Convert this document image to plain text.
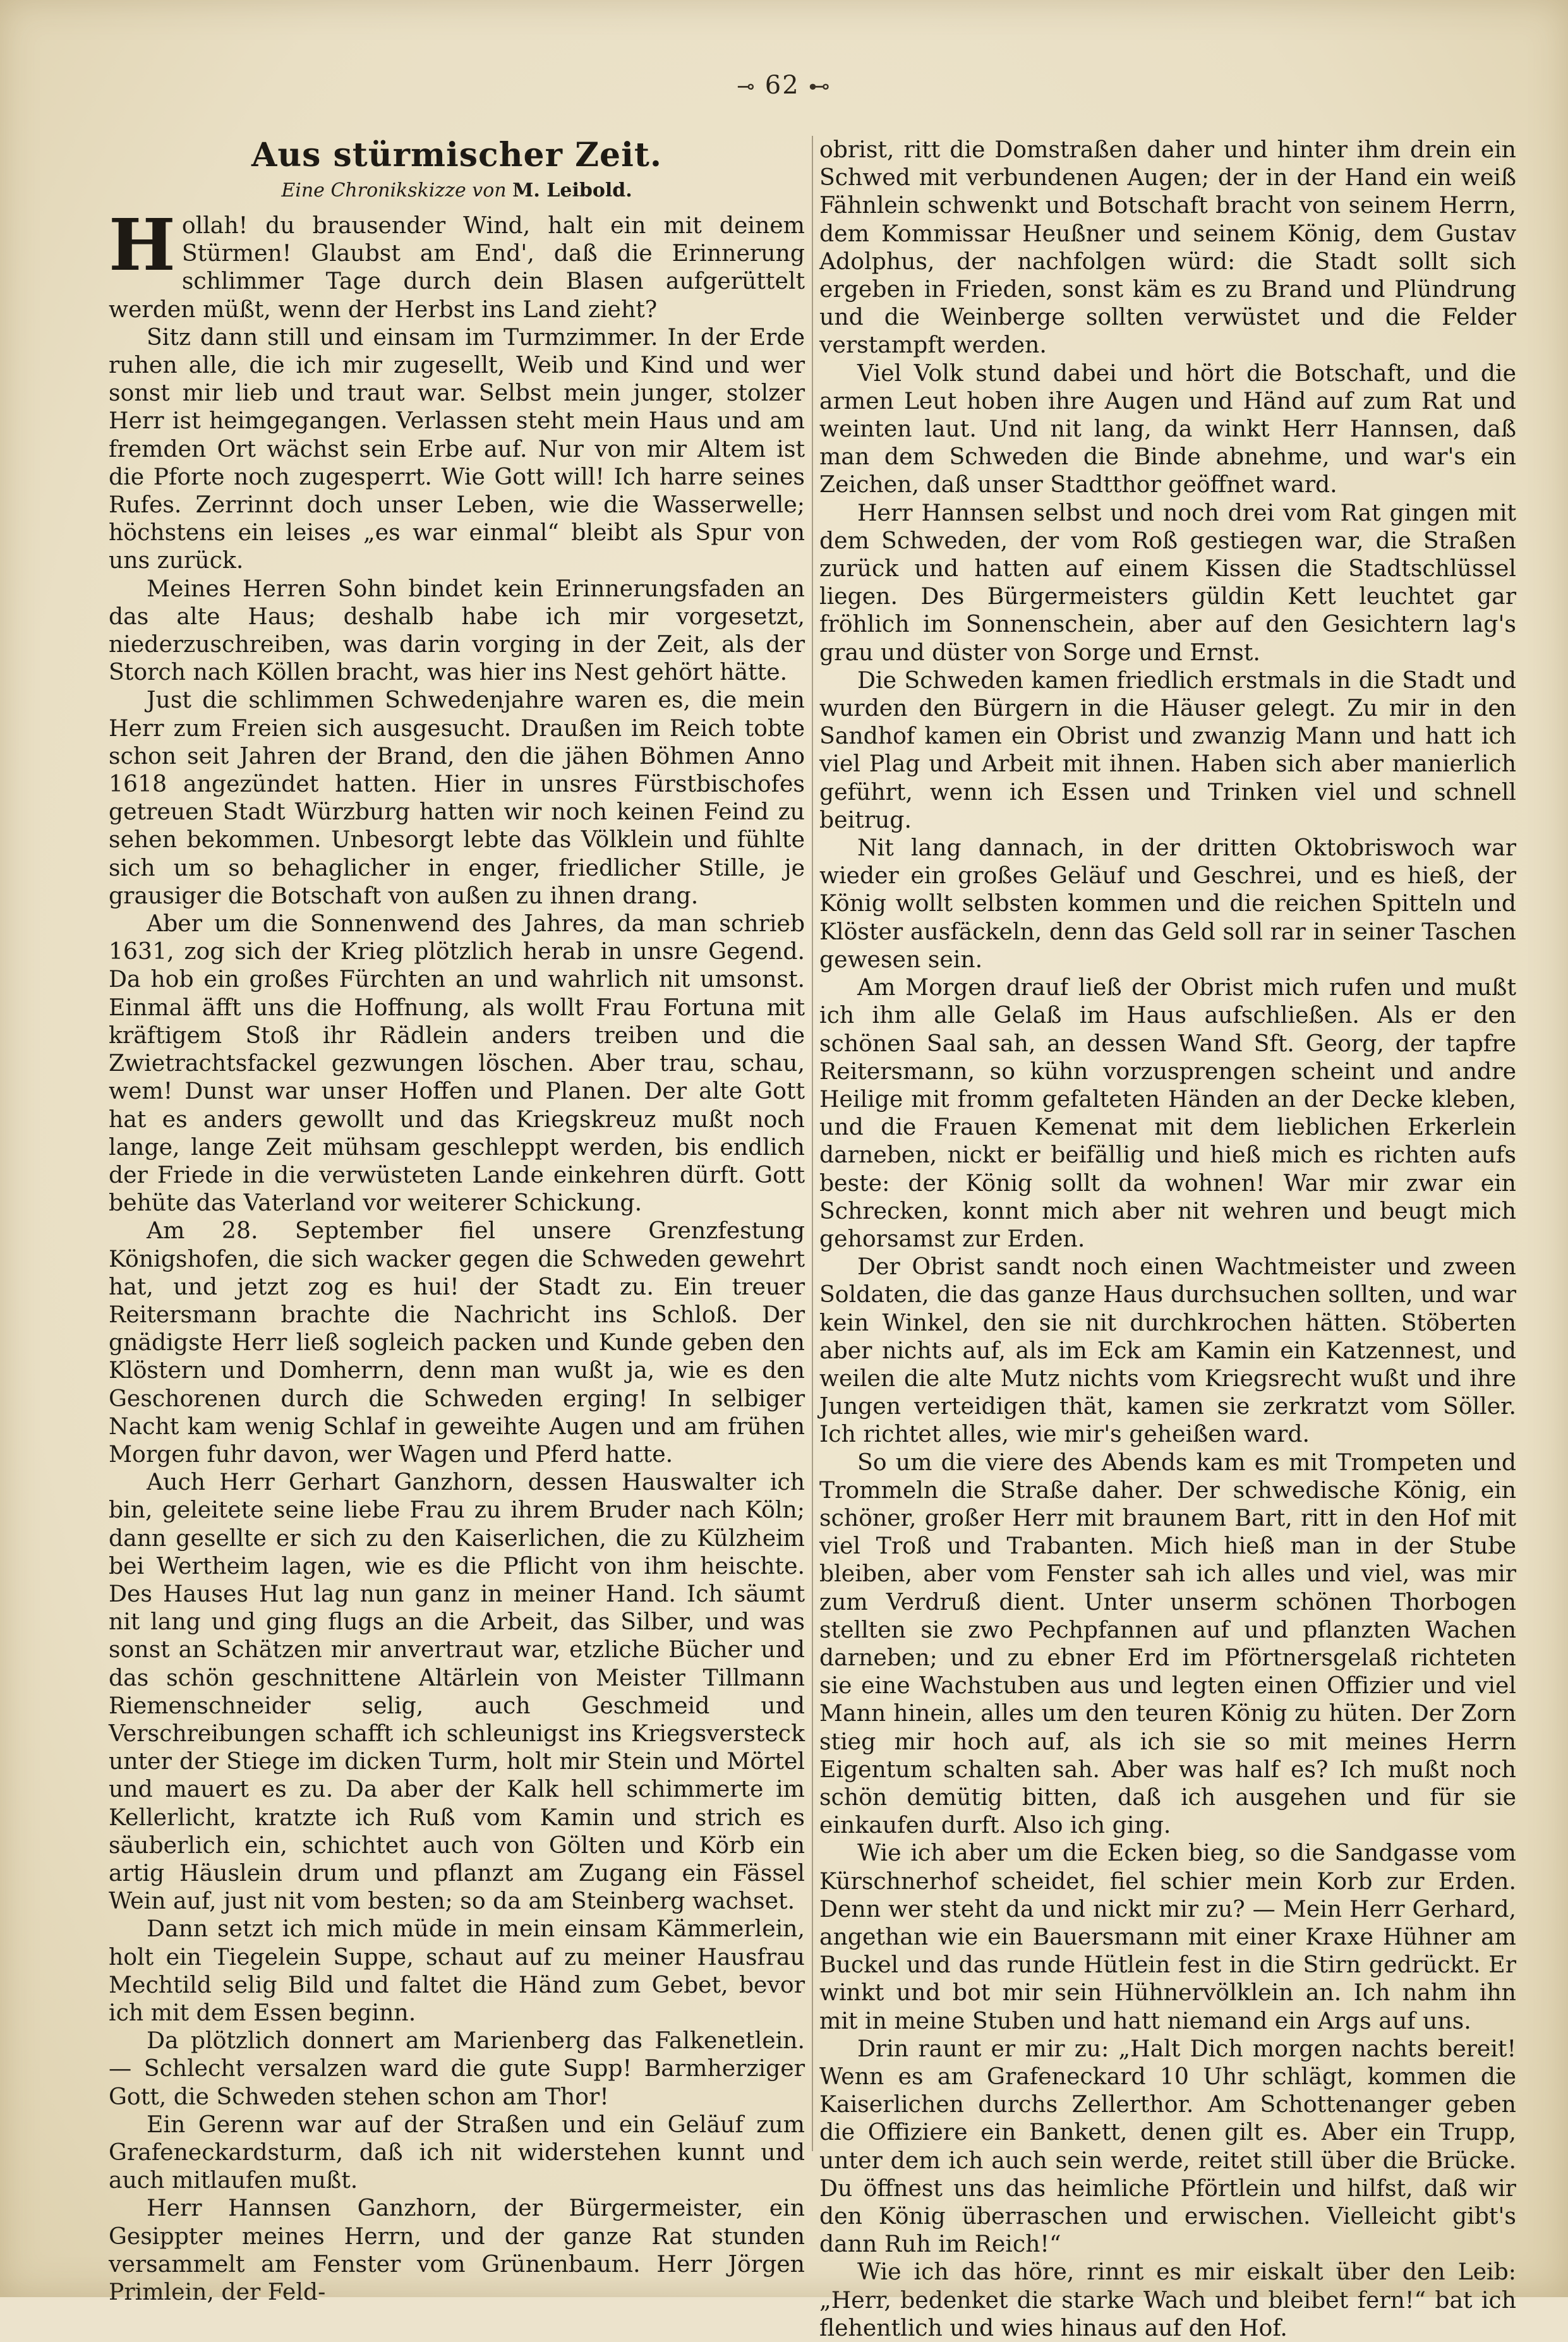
⊸ 62 ⊷
Aus stürmischer Zeit.
Eine Chronikskizze von M. Leibold.

Hollah! du brausender Wind, halt ein mit deinem Stürmen! Glaubst am End', daß die Erinnerung schlimmer Tage durch dein Blasen aufgerüttelt werden müßt, wenn der Herbst ins Land zieht?

Sitz dann still und einsam im Turmzimmer. In der Erde ruhen alle, die ich mir zugesellt, Weib und Kind und wer sonst mir lieb und traut war. Selbst mein junger, stolzer Herr ist heimgegangen. Verlassen steht mein Haus und am fremden Ort wächst sein Erbe auf. Nur von mir Altem ist die Pforte noch zugesperrt. Wie Gott will! Ich harre seines Rufes. Zerrinnt doch unser Leben, wie die Wasserwelle; höchstens ein leises „es war einmal“ bleibt als Spur von uns zurück.

Meines Herren Sohn bindet kein Erinnerungsfaden an das alte Haus; deshalb habe ich mir vorgesetzt, niederzuschreiben, was darin vorging in der Zeit, als der Storch nach Köllen bracht, was hier ins Nest gehört hätte.

Just die schlimmen Schwedenjahre waren es, die mein Herr zum Freien sich ausgesucht. Draußen im Reich tobte schon seit Jahren der Brand, den die jähen Böhmen Anno 1618 angezündet hatten. Hier in unsres Fürstbischofes getreuen Stadt Würzburg hatten wir noch keinen Feind zu sehen bekommen. Unbesorgt lebte das Völklein und fühlte sich um so behaglicher in enger, friedlicher Stille, je grausiger die Botschaft von außen zu ihnen drang.

Aber um die Sonnenwend des Jahres, da man schrieb 1631, zog sich der Krieg plötzlich herab in unsre Gegend. Da hob ein großes Fürchten an und wahrlich nit umsonst. Einmal äfft uns die Hoffnung, als wollt Frau Fortuna mit kräftigem Stoß ihr Rädlein anders treiben und die Zwietrachtsfackel gezwungen löschen. Aber trau, schau, wem! Dunst war unser Hoffen und Planen. Der alte Gott hat es anders gewollt und das Kriegskreuz mußt noch lange, lange Zeit mühsam geschleppt werden, bis endlich der Friede in die verwüsteten Lande einkehren dürft. Gott behüte das Vaterland vor weiterer Schickung.

Am 28. September fiel unsere Grenzfestung Königshofen, die sich wacker gegen die Schweden gewehrt hat, und jetzt zog es hui! der Stadt zu. Ein treuer Reitersmann brachte die Nachricht ins Schloß. Der gnädigste Herr ließ sogleich packen und Kunde geben den Klöstern und Domherrn, denn man wußt ja, wie es den Geschorenen durch die Schweden erging! In selbiger Nacht kam wenig Schlaf in geweihte Augen und am frühen Morgen fuhr davon, wer Wagen und Pferd hatte.

Auch Herr Gerhart Ganzhorn, dessen Hauswalter ich bin, geleitete seine liebe Frau zu ihrem Bruder nach Köln; dann gesellte er sich zu den Kaiserlichen, die zu Külzheim bei Wertheim lagen, wie es die Pflicht von ihm heischte. Des Hauses Hut lag nun ganz in meiner Hand. Ich säumt nit lang und ging flugs an die Arbeit, das Silber, und was sonst an Schätzen mir anvertraut war, etzliche Bücher und das schön geschnittene Altärlein von Meister Tillmann Riemenschneider selig, auch Geschmeid und Verschreibungen schafft ich schleunigst ins Kriegsversteck unter der Stiege im dicken Turm, holt mir Stein und Mörtel und mauert es zu. Da aber der Kalk hell schimmerte im Kellerlicht, kratzte ich Ruß vom Kamin und strich es säuberlich ein, schichtet auch von Gölten und Körb ein artig Häuslein drum und pflanzt am Zugang ein Fässel Wein auf, just nit vom besten; so da am Steinberg wachset.

Dann setzt ich mich müde in mein einsam Kämmerlein, holt ein Tiegelein Suppe, schaut auf zu meiner Hausfrau Mechtild selig Bild und faltet die Händ zum Gebet, bevor ich mit dem Essen beginn.

Da plötzlich donnert am Marienberg das Falkenetlein. — Schlecht versalzen ward die gute Supp! Barmherziger Gott, die Schweden stehen schon am Thor!

Ein Gerenn war auf der Straßen und ein Geläuf zum Grafeneckardsturm, daß ich nit widerstehen kunnt und auch mitlaufen mußt.

Herr Hannsen Ganzhorn, der Bürgermeister, ein Gesippter meines Herrn, und der ganze Rat stunden versammelt am Fenster vom Grünenbaum. Herr Jörgen Primlein, der Feld-

obrist, ritt die Domstraßen daher und hinter ihm drein ein Schwed mit verbundenen Augen; der in der Hand ein weiß Fähnlein schwenkt und Botschaft bracht von seinem Herrn, dem Kommissar Heußner und seinem König, dem Gustav Adolphus, der nachfolgen würd: die Stadt sollt sich ergeben in Frieden, sonst käm es zu Brand und Plündrung und die Weinberge sollten verwüstet und die Felder verstampft werden.

Viel Volk stund dabei und hört die Botschaft, und die armen Leut hoben ihre Augen und Händ auf zum Rat und weinten laut. Und nit lang, da winkt Herr Hannsen, daß man dem Schweden die Binde abnehme, und war's ein Zeichen, daß unser Stadtthor geöffnet ward.

Herr Hannsen selbst und noch drei vom Rat gingen mit dem Schweden, der vom Roß gestiegen war, die Straßen zurück und hatten auf einem Kissen die Stadtschlüssel liegen. Des Bürgermeisters güldin Kett leuchtet gar fröhlich im Sonnenschein, aber auf den Gesichtern lag's grau und düster von Sorge und Ernst.

Die Schweden kamen friedlich erstmals in die Stadt und wurden den Bürgern in die Häuser gelegt. Zu mir in den Sandhof kamen ein Obrist und zwanzig Mann und hatt ich viel Plag und Arbeit mit ihnen. Haben sich aber manierlich geführt, wenn ich Essen und Trinken viel und schnell beitrug.

Nit lang dannach, in der dritten Oktobriswoch war wieder ein großes Geläuf und Geschrei, und es hieß, der König wollt selbsten kommen und die reichen Spitteln und Klöster ausfäckeln, denn das Geld soll rar in seiner Taschen gewesen sein.

Am Morgen drauf ließ der Obrist mich rufen und mußt ich ihm alle Gelaß im Haus aufschließen. Als er den schönen Saal sah, an dessen Wand Sft. Georg, der tapfre Reitersmann, so kühn vorzusprengen scheint und andre Heilige mit fromm gefalteten Händen an der Decke kleben, und die Frauen Kemenat mit dem lieblichen Erkerlein darneben, nickt er beifällig und hieß mich es richten aufs beste: der König sollt da wohnen! War mir zwar ein Schrecken, konnt mich aber nit wehren und beugt mich gehorsamst zur Erden.

Der Obrist sandt noch einen Wachtmeister und zween Soldaten, die das ganze Haus durchsuchen sollten, und war kein Winkel, den sie nit durchkrochen hätten. Stöberten aber nichts auf, als im Eck am Kamin ein Katzennest, und weilen die alte Mutz nichts vom Kriegsrecht wußt und ihre Jungen verteidigen thät, kamen sie zerkratzt vom Söller. Ich richtet alles, wie mir's geheißen ward.

So um die viere des Abends kam es mit Trompeten und Trommeln die Straße daher. Der schwedische König, ein schöner, großer Herr mit braunem Bart, ritt in den Hof mit viel Troß und Trabanten. Mich hieß man in der Stube bleiben, aber vom Fenster sah ich alles und viel, was mir zum Verdruß dient. Unter unserm schönen Thorbogen stellten sie zwo Pechpfannen auf und pflanzten Wachen darneben; und zu ebner Erd im Pförtnersgelaß richteten sie eine Wachstuben aus und legten einen Offizier und viel Mann hinein, alles um den teuren König zu hüten. Der Zorn stieg mir hoch auf, als ich sie so mit meines Herrn Eigentum schalten sah. Aber was half es? Ich mußt noch schön demütig bitten, daß ich ausgehen und für sie einkaufen durft. Also ich ging.

Wie ich aber um die Ecken bieg, so die Sandgasse vom Kürschnerhof scheidet, fiel schier mein Korb zur Erden. Denn wer steht da und nickt mir zu? — Mein Herr Gerhard, angethan wie ein Bauersmann mit einer Kraxe Hühner am Buckel und das runde Hütlein fest in die Stirn gedrückt. Er winkt und bot mir sein Hühnervölklein an. Ich nahm ihn mit in meine Stuben und hatt niemand ein Args auf uns.

Drin raunt er mir zu: „Halt Dich morgen nachts bereit! Wenn es am Grafeneckard 10 Uhr schlägt, kommen die Kaiserlichen durchs Zellerthor. Am Schottenanger geben die Offiziere ein Bankett, denen gilt es. Aber ein Trupp, unter dem ich auch sein werde, reitet still über die Brücke. Du öffnest uns das heimliche Pförtlein und hilfst, daß wir den König überraschen und erwischen. Vielleicht gibt's dann Ruh im Reich!“

Wie ich das höre, rinnt es mir eiskalt über den Leib: „Herr, bedenket die starke Wach und bleibet fern!“ bat ich flehentlich und wies hinaus auf den Hof.
